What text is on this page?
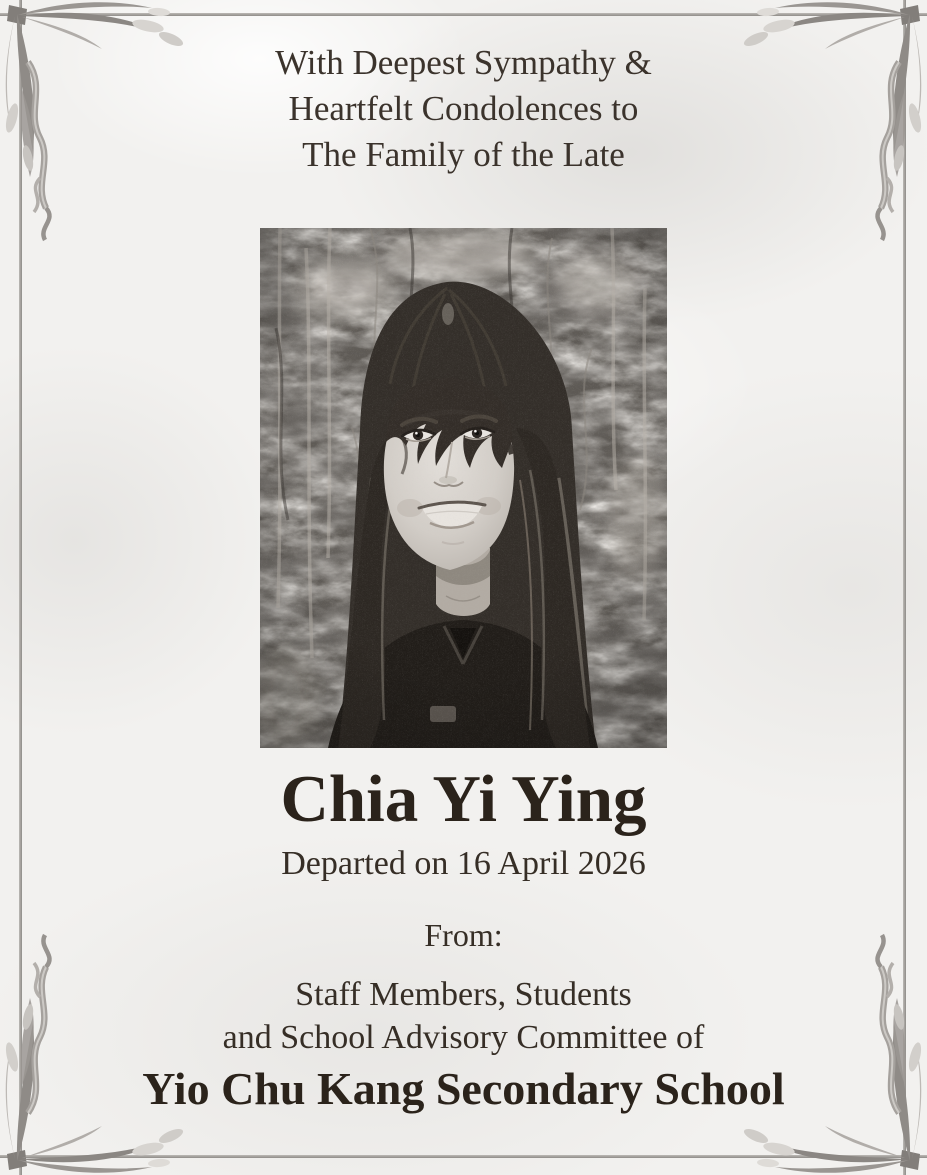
With Deepest Sympathy &
Heartfelt Condolences to
The Family of the Late
Chia Yi Ying
Departed on 16 April 2026
From:
Staff Members, Students
and School Advisory Committee of
Yio Chu Kang Secondary School
